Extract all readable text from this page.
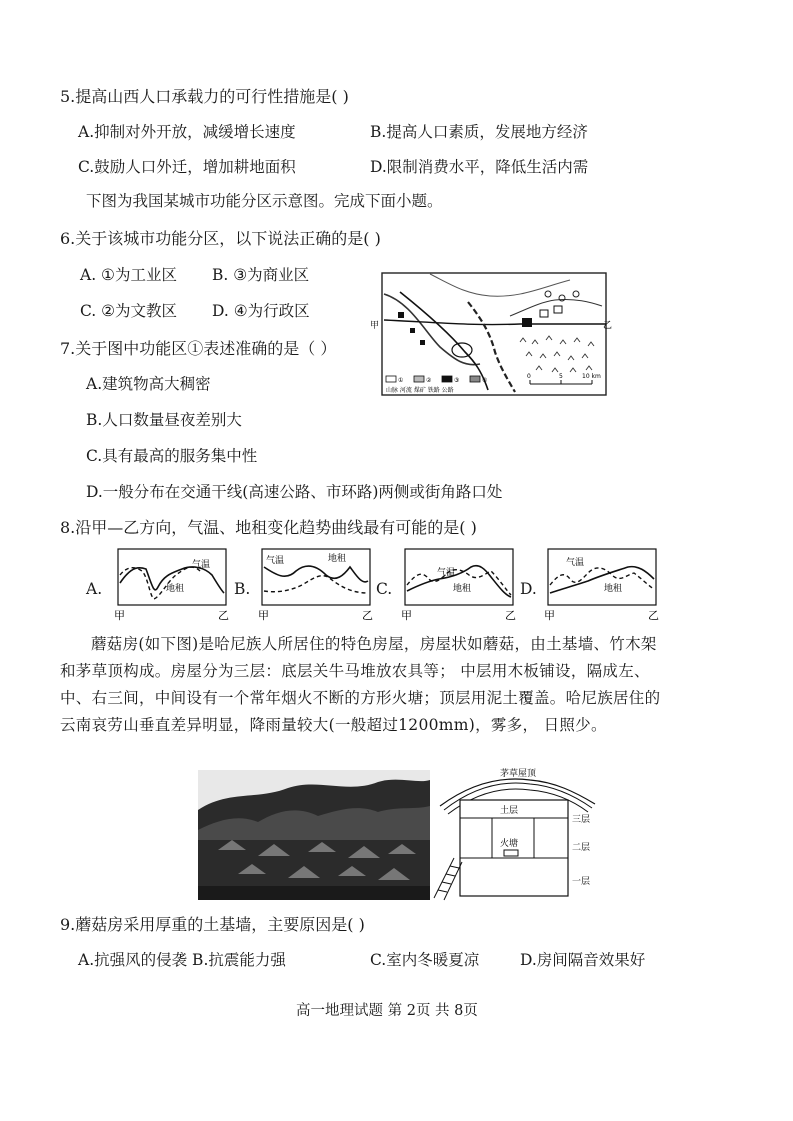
5.提高山西人口承载力的可行性措施是( )
A.抑制对外开放，减缓增长速度	B.提高人口素质，发展地方经济
C.鼓励人口外迁，增加耕地面积	D.限制消费水平，降低生活内需
下图为我国某城市功能分区示意图。完成下面小题。
6.关于该城市功能分区，以下说法正确的是( )
A. ①为工业区 B. ③为商业区
C. ②为文教区 D. ④为行政区
甲	乙
①	②	③	④
山脉 河流 煤矿 铁路 公路
0	5	10 km
7.关于图中功能区①表述准确的是（ ）
A.建筑物高大稠密
B.人口数量昼夜差别大
C.具有最高的服务集中性
D.一般分布在交通干线(高速公路、市环路)两侧或街角路口处
8.沿甲—乙方向，气温、地租变化趋势曲线最有可能的是( )
A.
气温
地租
甲	乙
B.
气温	地租
甲	乙
C.
气温
地租
甲	乙
D.
气温
地租
甲	乙
蘑菇房(如下图)是哈尼族人所居住的特色房屋，房屋状如蘑菇，由土基墙、竹木架和茅草顶构成。房屋分为三层：底层关牛马堆放农具等； 中层用木板铺设，隔成左、中、右三间，中间设有一个常年烟火不断的方形火塘；顶层用泥土覆盖。哈尼族居住的云南哀劳山垂直差异明显，降雨量较大(一般超过1200mm)，雾多， 日照少。
茅草屋顶
土层
火塘
三层
二层
一层
9.蘑菇房采用厚重的土基墙，主要原因是( )
A.抗强风的侵袭 B.抗震能力强	C.室内冬暖夏凉	D.房间隔音效果好
高一地理试题 第 2页 共 8页
